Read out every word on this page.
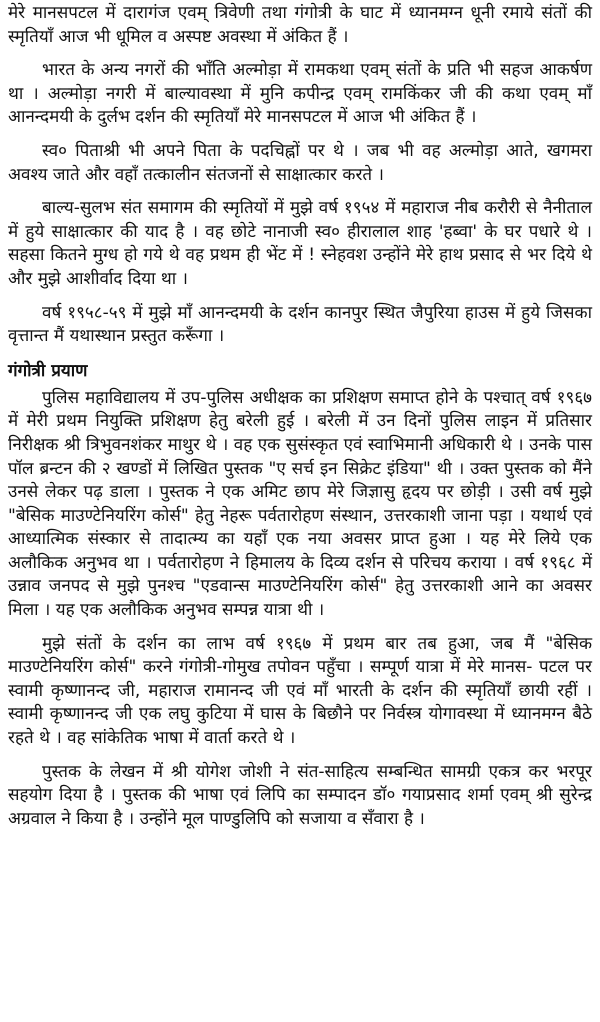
मेरे मानसपटल में दारागंज एवम् त्रिवेणी तथा गंगोत्री के घाट में ध्यानमग्न धूनी रमाये संतों की स्मृतियाँ आज भी धूमिल व अस्पष्ट अवस्था में अंकित हैं ।

भारत के अन्य नगरों की भाँति अल्मोड़ा में रामकथा एवम् संतों के प्रति भी सहज आकर्षण था । अल्मोड़ा नगरी में बाल्यावस्था में मुनि कपीन्द्र एवम् रामकिंकर जी की कथा एवम् माँ आनन्दमयी के दुर्लभ दर्शन की स्मृतियाँ मेरे मानसपटल में आज भी अंकित हैं ।

स्व० पिताश्री भी अपने पिता के पदचिह्नों पर थे । जब भी वह अल्मोड़ा आते, खगमरा अवश्य जाते और वहाँ तत्कालीन संतजनों से साक्षात्कार करते ।

बाल्य-सुलभ संत समागम की स्मृतियों में मुझे वर्ष १९५४ में महाराज नीब करौरी से नैनीताल में हुये साक्षात्कार की याद है । वह छोटे नानाजी स्व० हीरालाल शाह 'हब्वा' के घर पधारे थे । सहसा कितने मुग्ध हो गये थे वह प्रथम ही भेंट में ! स्नेहवश उन्होंने मेरे हाथ प्रसाद से भर दिये थे और मुझे आशीर्वाद दिया था ।

वर्ष १९५८-५९ में मुझे माँ आनन्दमयी के दर्शन कानपुर स्थित जैपुरिया हाउस में हुये जिसका वृत्तान्त मैं यथास्थान प्रस्तुत करूँगा ।

गंगोत्री प्रयाण

पुलिस महाविद्यालय में उप-पुलिस अधीक्षक का प्रशिक्षण समाप्त होने के पश्चात् वर्ष १९६७ में मेरी प्रथम नियुक्ति प्रशिक्षण हेतु बरेली हुई । बरेली में उन दिनों पुलिस लाइन में प्रतिसार निरीक्षक श्री त्रिभुवनशंकर माथुर थे । वह एक सुसंस्कृत एवं स्वाभिमानी अधिकारी थे । उनके पास पॉल ब्रन्टन की २ खण्डों में लिखित पुस्तक "ए सर्च इन सिक्रेट इंडिया" थी । उक्त पुस्तक को मैंने उनसे लेकर पढ़ डाला । पुस्तक ने एक अमिट छाप मेरे जिज्ञासु हृदय पर छोड़ी । उसी वर्ष मुझे "बेसिक माउण्टेनियरिंग कोर्स" हेतु नेहरू पर्वतारोहण संस्थान, उत्तरकाशी जाना पड़ा । यथार्थ एवं आध्यात्मिक संस्कार से तादात्म्य का यहाँ एक नया अवसर प्राप्त हुआ । यह मेरे लिये एक अलौकिक अनुभव था । पर्वतारोहण ने हिमालय के दिव्य दर्शन से परिचय कराया । वर्ष १९६८ में उन्नाव जनपद से मुझे पुनश्च "एडवान्स माउण्टेनियरिंग कोर्स" हेतु उत्तरकाशी आने का अवसर मिला । यह एक अलौकिक अनुभव सम्पन्न यात्रा थी ।

मुझे संतों के दर्शन का लाभ वर्ष १९६७ में प्रथम बार तब हुआ, जब मैं "बेसिक माउण्टेनियरिंग कोर्स" करने गंगोत्री-गोमुख तपोवन पहुँचा । सम्पूर्ण यात्रा में मेरे मानस- पटल पर स्वामी कृष्णानन्द जी, महाराज रामानन्द जी एवं माँ भारती के दर्शन की स्मृतियाँ छायी रहीं । स्वामी कृष्णानन्द जी एक लघु कुटिया में घास के बिछौने पर निर्वस्त्र योगावस्था में ध्यानमग्न बैठे रहते थे । वह सांकेतिक भाषा में वार्ता करते थे ।

पुस्तक के लेखन में श्री योगेश जोशी ने संत-साहित्य सम्बन्धित सामग्री एकत्र कर भरपूर सहयोग दिया है । पुस्तक की भाषा एवं लिपि का सम्पादन डॉ० गयाप्रसाद शर्मा एवम् श्री सुरेन्द्र अग्रवाल ने किया है । उन्होंने मूल पाण्डुलिपि को सजाया व सँवारा है ।
